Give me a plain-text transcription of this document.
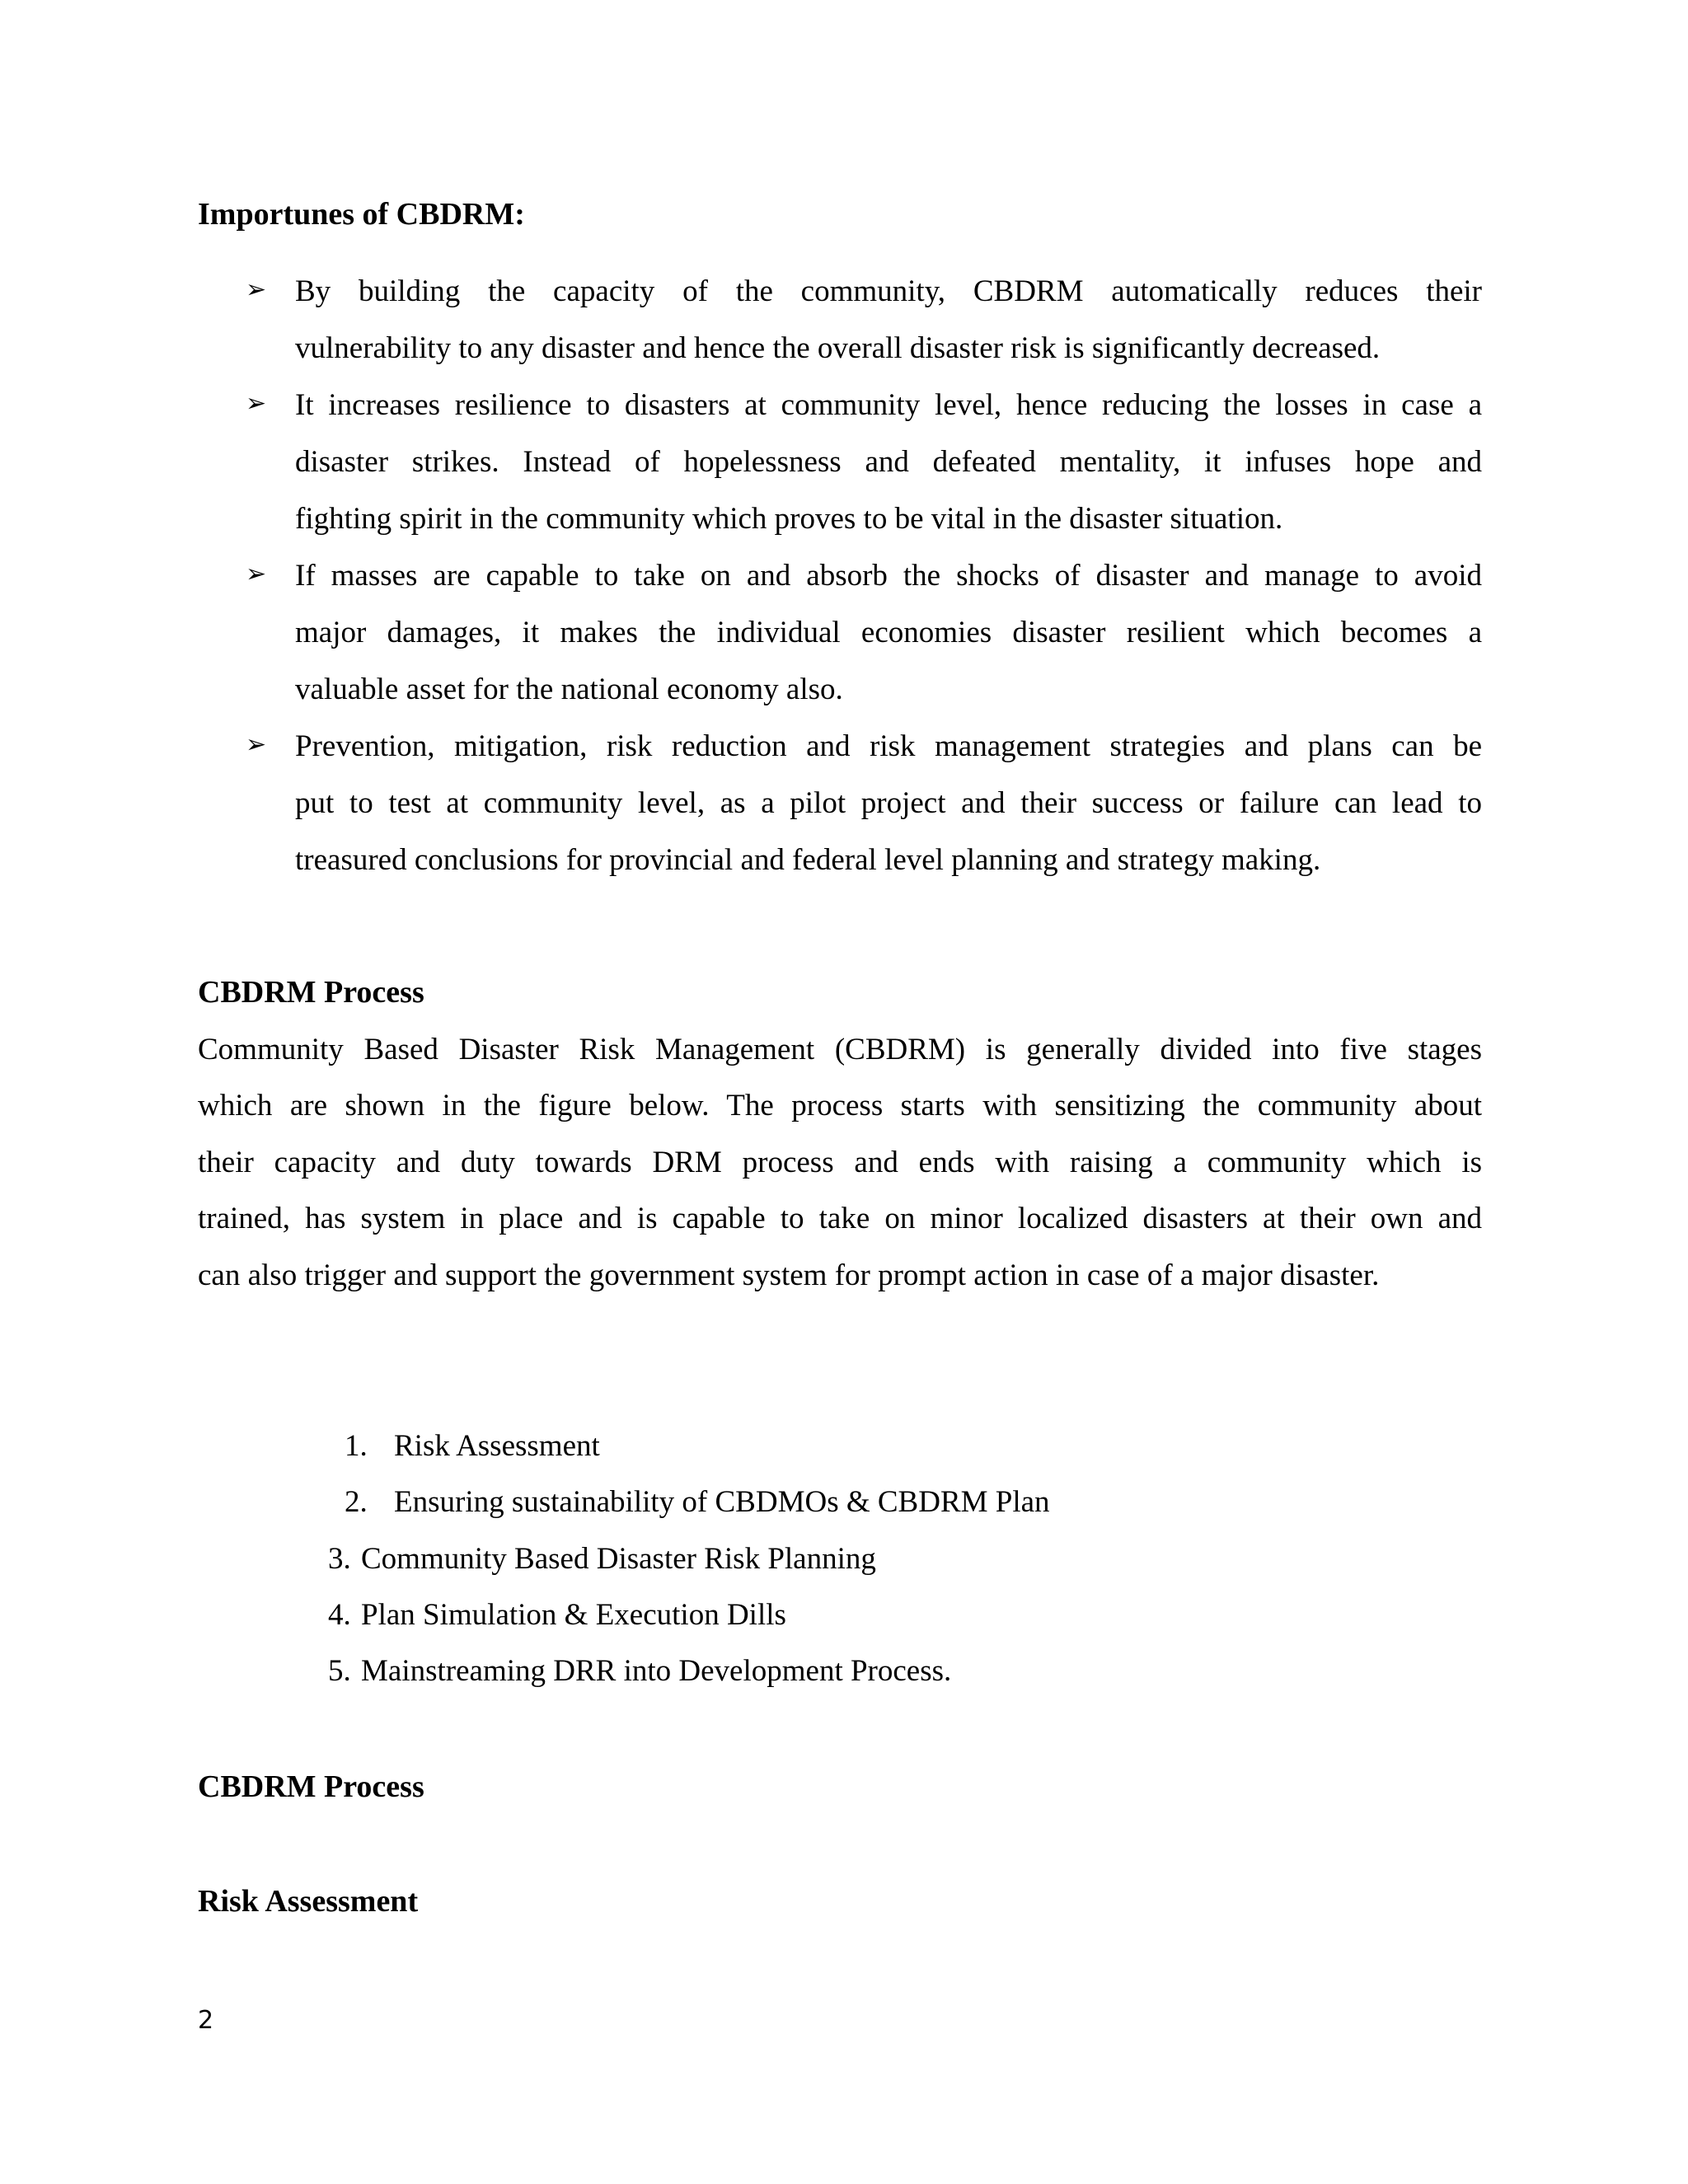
Importunes of CBDRM:
➢ By building the capacity of the community, CBDRM automatically reduces their
vulnerability to any disaster and hence the overall disaster risk is significantly decreased.
➢ It increases resilience to disasters at community level, hence reducing the losses in case a
disaster strikes. Instead of hopelessness and defeated mentality, it infuses hope and
fighting spirit in the community which proves to be vital in the disaster situation.
➢ If masses are capable to take on and absorb the shocks of disaster and manage to avoid
major damages, it makes the individual economies disaster resilient which becomes a
valuable asset for the national economy also.
➢ Prevention, mitigation, risk reduction and risk management strategies and plans can be
put to test at community level, as a pilot project and their success or failure can lead to
treasured conclusions for provincial and federal level planning and strategy making.
CBDRM Process
Community Based Disaster Risk Management (CBDRM) is generally divided into five stages
which are shown in the figure below. The process starts with sensitizing the community about
their capacity and duty towards DRM process and ends with raising a community which is
trained, has system in place and is capable to take on minor localized disasters at their own and
can also trigger and support the government system for prompt action in case of a major disaster.
1. Risk Assessment
2. Ensuring sustainability of CBDMOs & CBDRM Plan
3. Community Based Disaster Risk Planning
4. Plan Simulation & Execution Dills
5. Mainstreaming DRR into Development Process.
CBDRM Process
Risk Assessment
2
